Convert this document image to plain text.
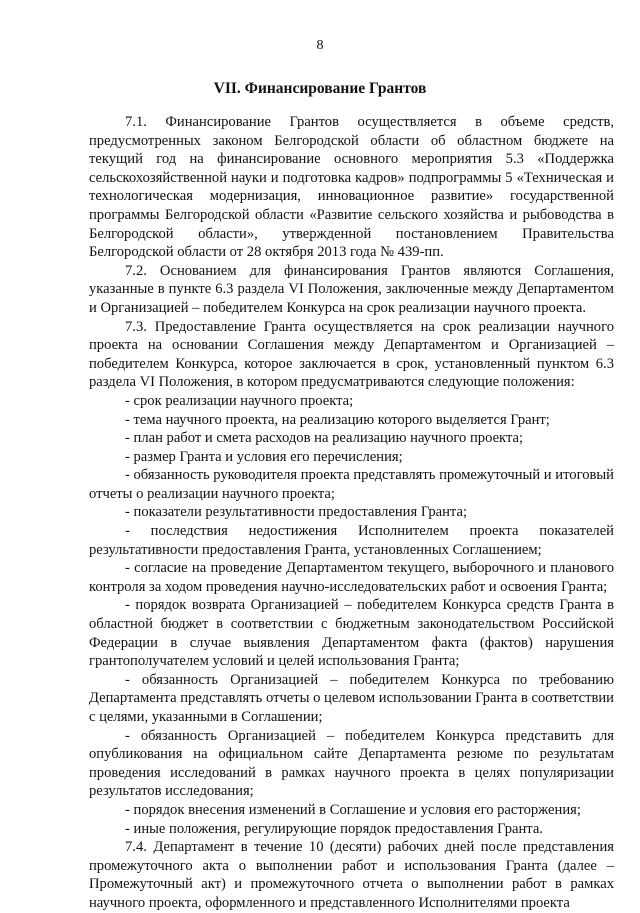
8
VII. Финансирование Грантов

7.1. Финансирование Грантов осуществляется в объеме средств, предусмотренных законом Белгородской области об областном бюджете на текущий год на финансирование основного мероприятия 5.3 «Поддержка сельскохозяйственной науки и подготовка кадров» подпрограммы 5 «Техническая и технологическая модернизация, инновационное развитие» государственной программы Белгородской области «Развитие сельского хозяйства и рыбоводства в Белгородской области», утвержденной постановлением Правительства Белгородской области от 28 октября 2013 года № 439-пп.

7.2. Основанием для финансирования Грантов являются Соглашения, указанные в пункте 6.3 раздела VI Положения, заключенные между Департаментом и Организацией – победителем Конкурса на срок реализации научного проекта.

7.3. Предоставление Гранта осуществляется на срок реализации научного проекта на основании Соглашения между Департаментом и Организацией – победителем Конкурса, которое заключается в срок, установленный пунктом 6.3 раздела VI Положения, в котором предусматриваются следующие положения:

- срок реализации научного проекта;

- тема научного проекта, на реализацию которого выделяется Грант;

- план работ и смета расходов на реализацию научного проекта;

- размер Гранта и условия его перечисления;

- обязанность руководителя проекта представлять промежуточный и итоговый отчеты о реализации научного проекта;

- показатели результативности предоставления Гранта;

- последствия недостижения Исполнителем проекта показателей результативности предоставления Гранта, установленных Соглашением;

- согласие на проведение Департаментом текущего, выборочного и планового контроля за ходом проведения научно-исследовательских работ и освоения Гранта;

- порядок возврата Организацией – победителем Конкурса средств Гранта в областной бюджет в соответствии с бюджетным законодательством Российской Федерации в случае выявления Департаментом факта (фактов) нарушения грантополучателем условий и целей использования Гранта;

- обязанность Организацией – победителем Конкурса по требованию Департамента представлять отчеты о целевом использовании Гранта в соответствии с целями, указанными в Соглашении;

- обязанность Организацией – победителем Конкурса представить для опубликования на официальном сайте Департамента резюме по результатам проведения исследований в рамках научного проекта в целях популяризации результатов исследования;

- порядок внесения изменений в Соглашение и условия его расторжения;

- иные положения, регулирующие порядок предоставления Гранта.

7.4. Департамент в течение 10 (десяти) рабочих дней после представления промежуточного акта о выполнении работ и использования Гранта (далее – Промежуточный акт) и промежуточного отчета о выполнении работ в рамках научного проекта, оформленного и представленного Исполнителями проекта
